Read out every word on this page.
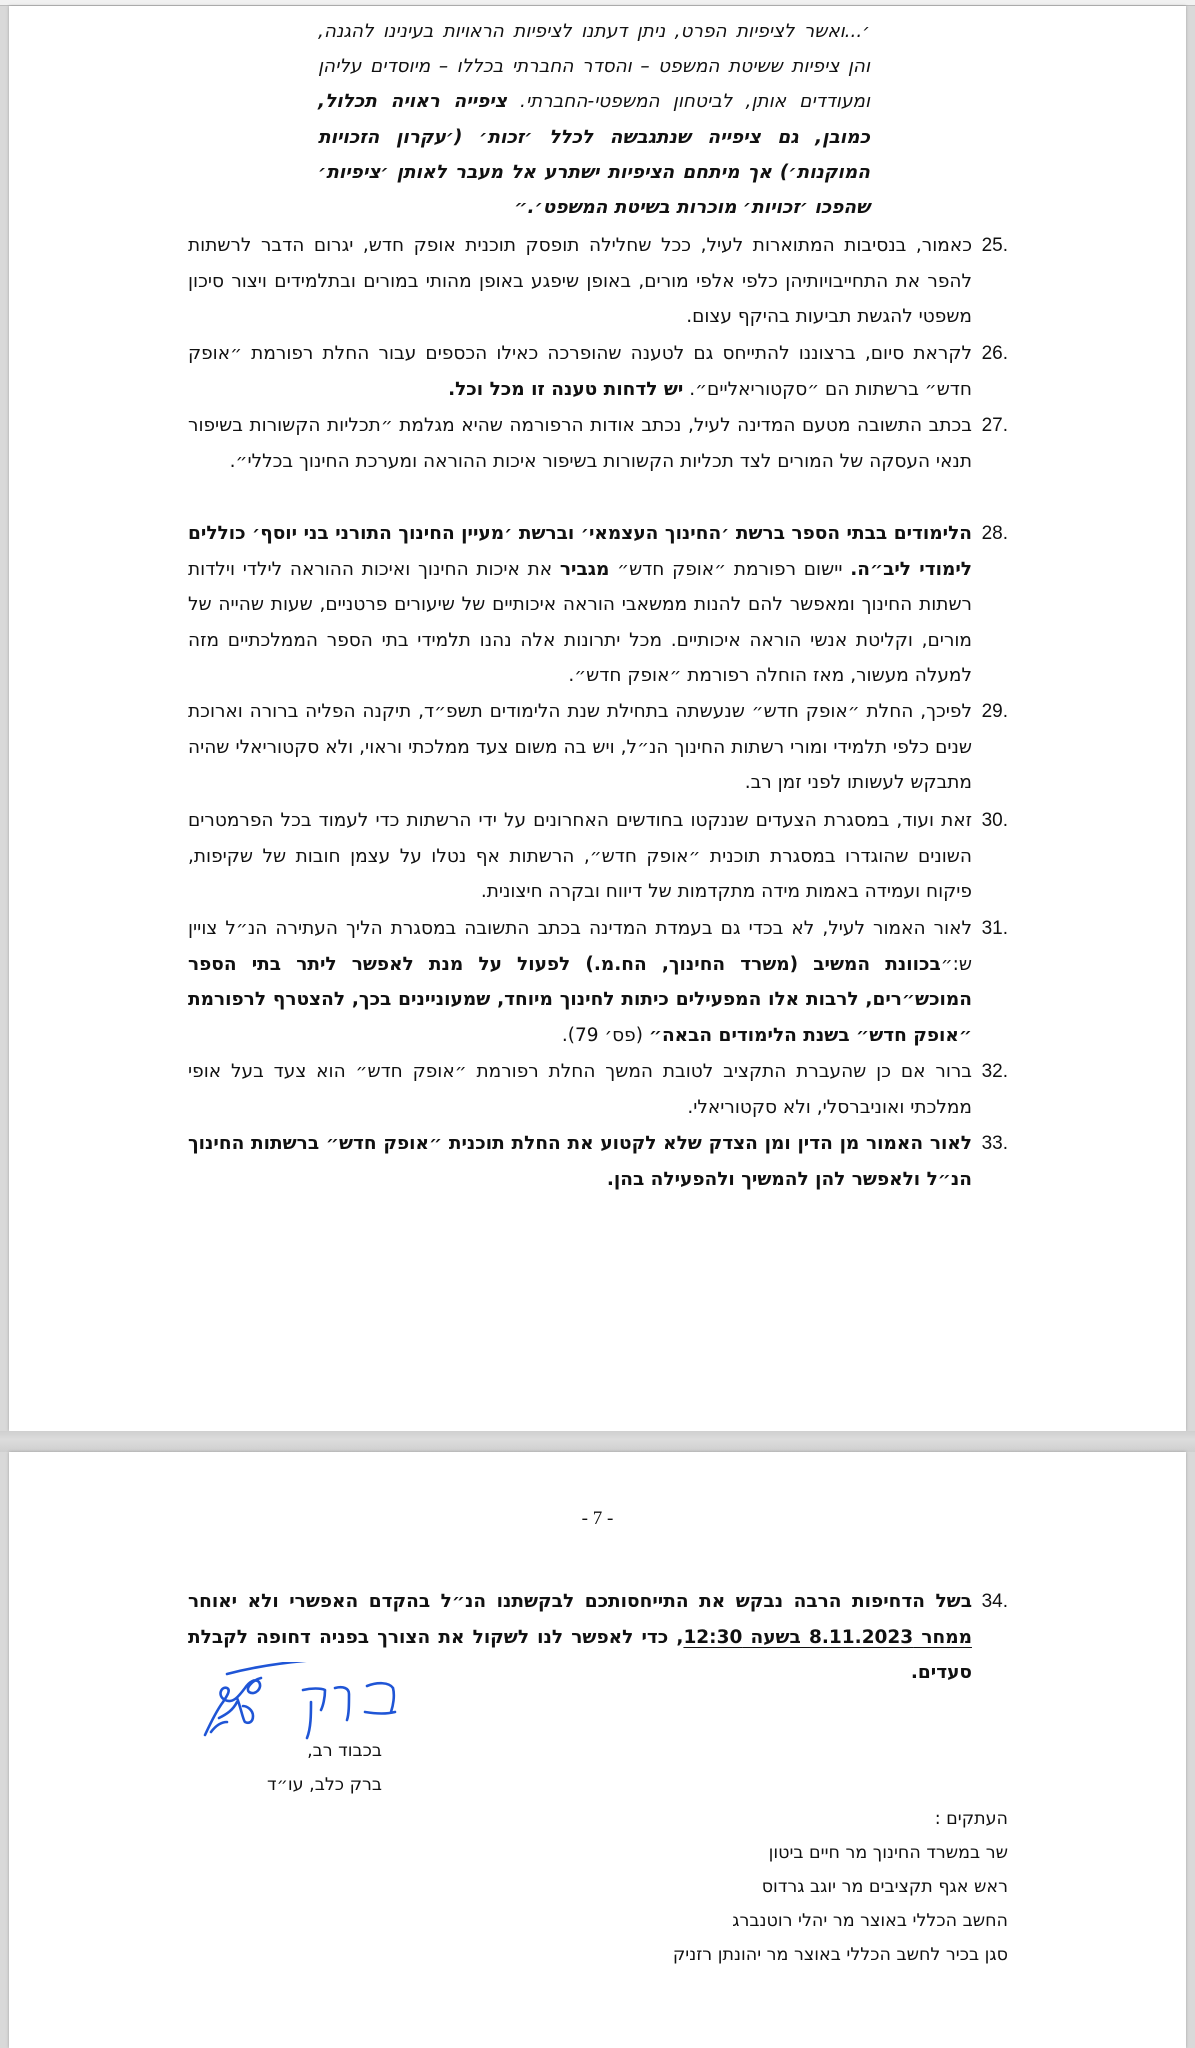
׳...ואשר לציפיות הפרט, ניתן דעתנו לציפיות הראויות בעינינו להגנה, והן ציפיות ששיטת המשפט – והסדר החברתי בכללו – מיוסדים עליהן ומעודדים אותן, לביטחון המשפטי-החברתי. ציפייה ראויה תכלול, כמובן, גם ציפייה שנתגבשה לכלל ׳זכות׳ (׳עקרון הזכויות המוקנות׳) אך מיתחם הציפיות ישתרע אל מעבר לאותן ׳ציפיות׳ שהפכו ׳זכויות׳ מוכרות בשיטת המשפט׳.״
25.
כאמור, בנסיבות המתוארות לעיל, ככל שחלילה תופסק תוכנית אופק חדש, יגרום הדבר לרשתות להפר את התחייבויותיהן כלפי אלפי מורים, באופן שיפגע באופן מהותי במורים ובתלמידים ויצור סיכון משפטי להגשת תביעות בהיקף עצום.
26.
לקראת סיום, ברצוננו להתייחס גם לטענה שהופרכה כאילו הכספים עבור החלת רפורמת ״אופק חדש״ ברשתות הם ״סקטוריאליים״. יש לדחות טענה זו מכל וכל.
27.
בכתב התשובה מטעם המדינה לעיל, נכתב אודות הרפורמה שהיא מגלמת ״תכליות הקשורות בשיפור תנאי העסקה של המורים לצד תכליות הקשורות בשיפור איכות ההוראה ומערכת החינוך בכללי״.
28.
הלימודים בבתי הספר ברשת ׳החינוך העצמאי׳ וברשת ׳מעיין החינוך התורני בני יוסף׳ כוללים לימודי ליב״ה. יישום רפורמת ״אופק חדש״ מגביר את איכות החינוך ואיכות ההוראה לילדי וילדות רשתות החינוך ומאפשר להם להנות ממשאבי הוראה איכותיים של שיעורים פרטניים, שעות שהייה של מורים, וקליטת אנשי הוראה איכותיים. מכל יתרונות אלה נהנו תלמידי בתי הספר הממלכתיים מזה למעלה מעשור, מאז הוחלה רפורמת ״אופק חדש״.
29.
לפיכך, החלת ״אופק חדש״ שנעשתה בתחילת שנת הלימודים תשפ״ד, תיקנה הפליה ברורה וארוכת שנים כלפי תלמידי ומורי רשתות החינוך הנ״ל, ויש בה משום צעד ממלכתי וראוי, ולא סקטוריאלי שהיה מתבקש לעשותו לפני זמן רב.
30.
זאת ועוד, במסגרת הצעדים שננקטו בחודשים האחרונים על ידי הרשתות כדי לעמוד בכל הפרמטרים השונים שהוגדרו במסגרת תוכנית ״אופק חדש״, הרשתות אף נטלו על עצמן חובות של שקיפות, פיקוח ועמידה באמות מידה מתקדמות של דיווח ובקרה חיצונית.
31.
לאור האמור לעיל, לא בכדי גם בעמדת המדינה בכתב התשובה במסגרת הליך העתירה הנ״ל צויין ש:״בכוונת המשיב (משרד החינוך, הח.מ.) לפעול על מנת לאפשר ליתר בתי הספר המוכש״רים, לרבות אלו המפעילים כיתות לחינוך מיוחד, שמעוניינים בכך, להצטרף לרפורמת ״אופק חדש״ בשנת הלימודים הבאה״ (פס׳ 79).
32.
ברור אם כן שהעברת התקציב לטובת המשך החלת רפורמת ״אופק חדש״ הוא צעד בעל אופי ממלכתי ואוניברסלי, ולא סקטוריאלי.
33.
לאור האמור מן הדין ומן הצדק שלא לקטוע את החלת תוכנית ״אופק חדש״ ברשתות החינוך הנ״ל ולאפשר להן להמשיך ולהפעילה בהן.
- 7 -
34.
בשל הדחיפות הרבה נבקש את התייחסותכם לבקשתנו הנ״ל בהקדם האפשרי ולא יאוחר ממחר 8.11.2023 בשעה 12:30, כדי לאפשר לנו לשקול את הצורך בפניה דחופה לקבלת סעדים.
בכבוד רב,
ברק כלב, עו״ד
העתקים :
שר במשרד החינוך מר חיים ביטון
ראש אגף תקציבים מר יוגב גרדוס
החשב הכללי באוצר מר יהלי רוטנברג
סגן בכיר לחשב הכללי באוצר מר יהונתן רזניק
